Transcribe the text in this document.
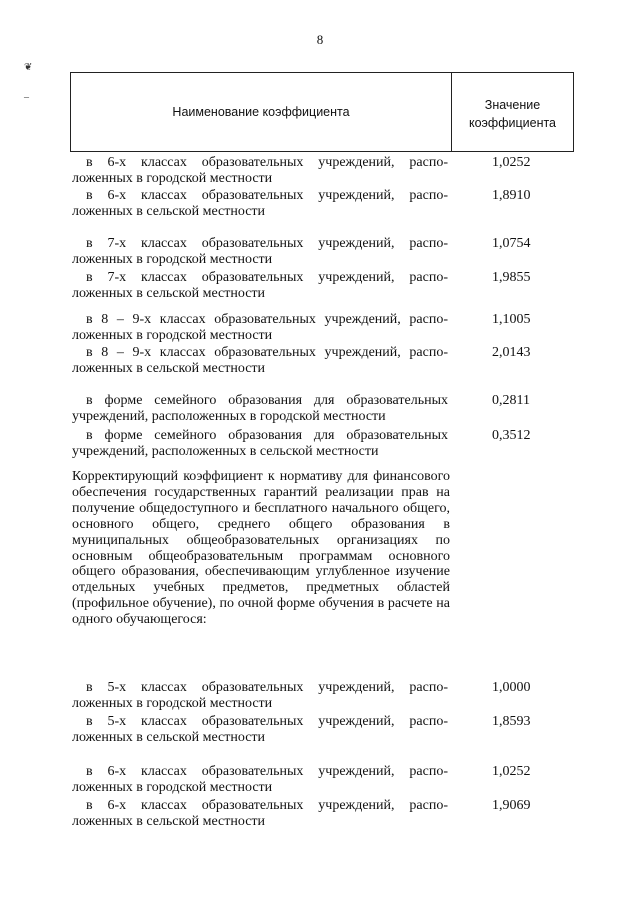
8
❦
–
Наименование коэффициента	Значение коэффициента
в 6-х классах образовательных учреждений, распо-
ложенных в городской местности
1,0252
в 6-х классах образовательных учреждений, распо-
ложенных в сельской местности
1,8910
в 7-х классах образовательных учреждений, распо-
ложенных в городской местности
1,0754
в 7-х классах образовательных учреждений, распо-
ложенных в сельской местности
1,9855
в 8 – 9-х классах образовательных учреждений, распо-
ложенных в городской местности
1,1005
в 8 – 9-х классах образовательных учреждений, распо-
ложенных в сельской местности
2,0143
в форме семейного образования для образовательных
учреждений, расположенных в городской местности
0,2811
в форме семейного образования для образовательных
учреждений, расположенных в сельской местности
0,3512
Корректирующий коэффициент к нормативу для финансового обеспечения государственных гарантий реализации прав на получение общедоступного и бесплатного начального общего, основного общего, среднего общего образования в муниципальных общеобразовательных организациях по основным общеобразовательным программам основного общего образования, обеспечивающим углубленное изучение отдельных учебных предметов, предметных областей (профильное обучение), по очной форме обучения в расчете на одного обучающегося:
в 5-х классах образовательных учреждений, распо-
ложенных в городской местности
1,0000
в 5-х классах образовательных учреждений, распо-
ложенных в сельской местности
1,8593
в 6-х классах образовательных учреждений, распо-
ложенных в городской местности
1,0252
в 6-х классах образовательных учреждений, распо-
ложенных в сельской местности
1,9069
